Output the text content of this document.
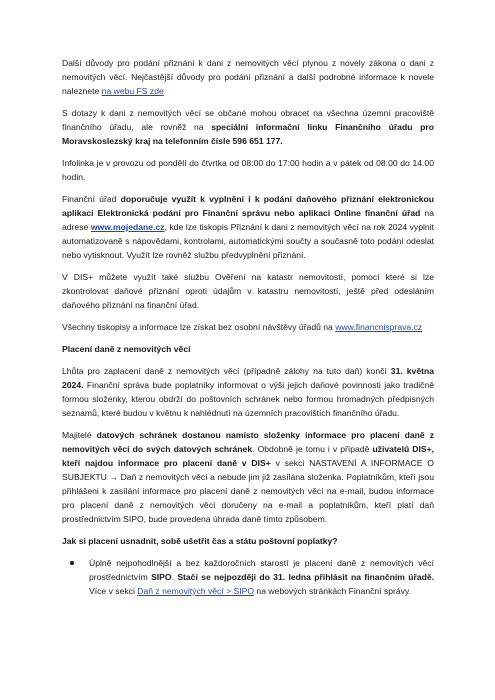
Další důvody pro podání přiznání k dani z nemovitých věcí plynou z novely zákona o dani z nemovitých věcí. Nejčastější důvody pro podání přiznání a další podrobné informace k novele naleznete na webu FS zde

S dotazy k dani z nemovitých věcí se občané mohou obracet na všechna územní pracoviště finančního úřadu, ale rovněž na speciální informační linku Finančního úřadu pro Moravskoslezský kraj na telefonním čísle 596 651 177.

Infolinka je v provozu od pondělí do čtvrtka od 08:00 do 17:00 hodin a v pátek od 08:00 do 14.00 hodin.

Finanční úřad doporučuje využít k vyplnění i k podání daňového přiznání elektronickou aplikaci Elektronická podání pro Finanční správu nebo aplikaci Online finanční úřad na adrese www.mojedane.cz, kde lze tiskopis Přiznání k dani z nemovitých věcí na rok 2024 vyplnit automatizovaně s nápovědami, kontrolami, automatickými součty a současně toto podání odeslat nebo vytisknout. Využít lze rovněž službu předvyplnění přiznání.

V DIS+ můžete využít také službu Ověření na katastr nemovitostí, pomocí které si lze zkontrolovat daňové přiznání oproti údajům v katastru nemovitostí, ještě před odesláním daňového přiznání na finanční úřad.

Všechny tiskopisy a informace lze získat bez osobní návštěvy úřadů na www.financnisprava.cz

Placení daně z nemovitých věcí

Lhůta pro zaplacení daně z nemovitých věcí (případně zálohy na tuto daň) končí 31. května 2024. Finanční správa bude poplatníky informovat o výši jejich daňové povinnosti jako tradičně formou složenky, kterou obdrží do poštovních schránek nebo formou hromadných předpisných seznamů, které budou v květnu k nahlédnutí na územních pracovištích finančního úřadu.

Majitelé datových schránek dostanou namísto složenky informace pro placení daně z nemovitých věcí do svých datových schránek. Obdobně je tomu i v případě uživatelů DIS+, kteří najdou informace pro placení daně v DIS+ v sekci NASTAVENÍ A INFORMACE O SUBJEKTU → Daň z nemovitých věcí a nebude jim již zasílána složenka. Poplatníkům, kteří jsou přihlášeni k zasílání informace pro placení daně z nemovitých věcí na e-mail, budou informace pro placení daně z nemovitých věcí doručeny na e-mail a poplatníkům, kteří platí daň prostřednictvím SIPO, bude provedena úhrada daně tímto způsobem.

Jak si placení usnadnit, sobě ušetřit čas a státu poštovní poplatky?

Úplně nejpohodlnější a bez každoročních starostí je placení daně z nemovitých věcí prostřednictvím SIPO. Stačí se nejpozději do 31. ledna přihlásit na finančním úřadě. Více v sekci Daň z nemovitých věcí > SIPO na webových stránkách Finanční správy.
